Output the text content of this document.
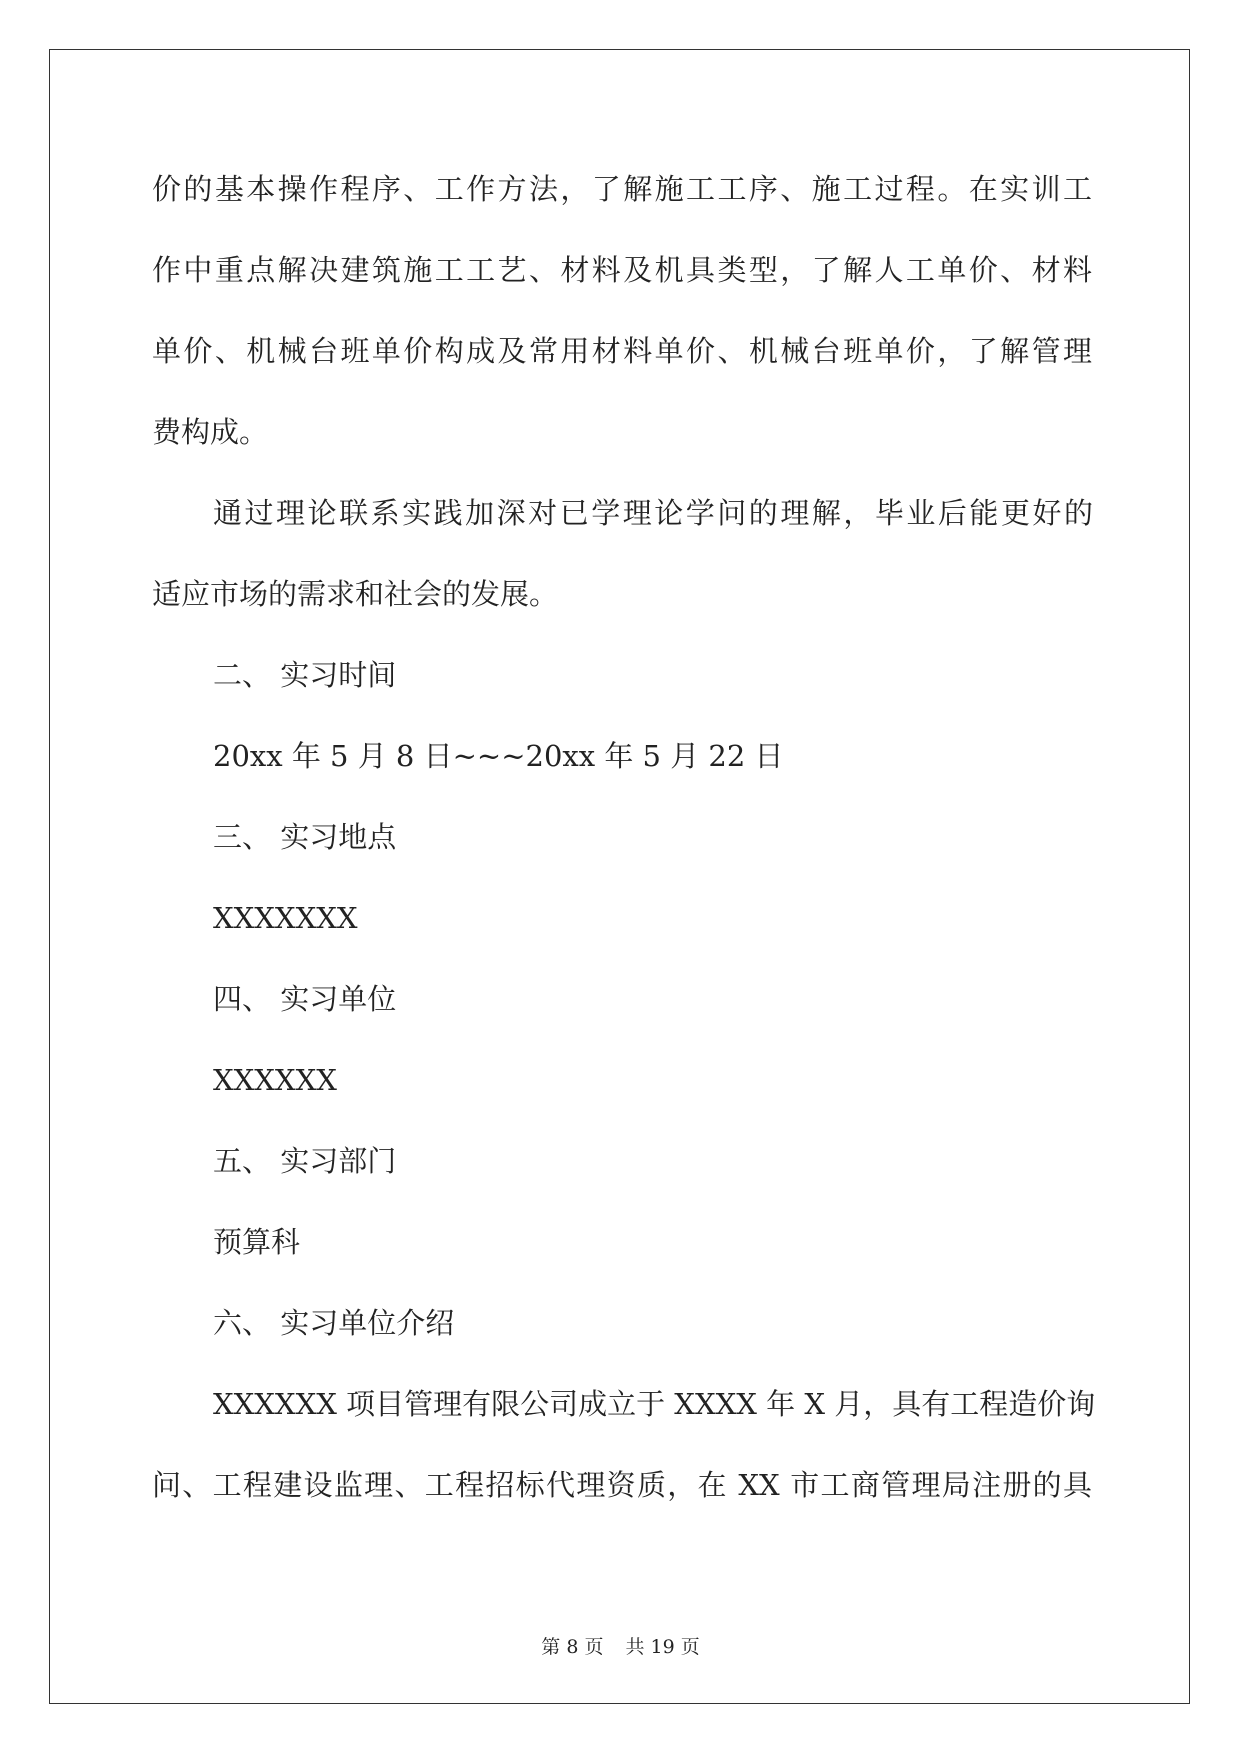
价的基本操作程序、工作方法，了解施工工序、施工过程。在实训工
作中重点解决建筑施工工艺、材料及机具类型，了解人工单价、材料
单价、机械台班单价构成及常用材料单价、机械台班单价，了解管理
费构成。
通过理论联系实践加深对已学理论学问的理解，毕业后能更好的
适应市场的需求和社会的发展。
二、 实习时间
20xx 年 5 月 8 日~~~20xx 年 5 月 22 日
三、 实习地点
XXXXXXX
四、 实习单位
XXXXXX
五、 实习部门
预算科
六、 实习单位介绍
XXXXXX 项目管理有限公司成立于 XXXX 年 X 月，具有工程造价询
问、工程建设监理、工程招标代理资质，在 XX 市工商管理局注册的具
第 8 页 共 19 页
